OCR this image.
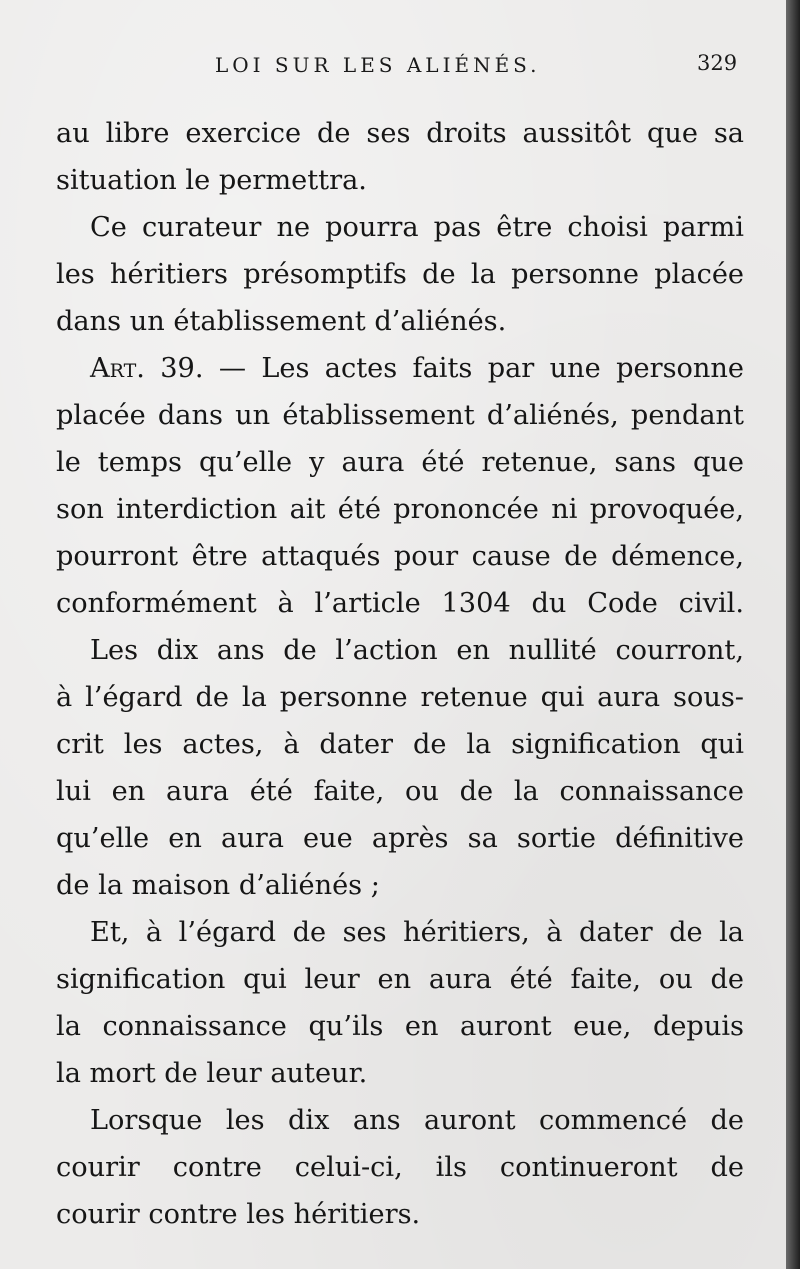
LOI SUR LES ALIÉNÉS.	329
au libre exercice de ses droits aussitôt que sa
situation le permettra.
Ce curateur ne pourra pas être choisi parmi
les héritiers présomptifs de la personne placée
dans un établissement d’aliénés.
Art. 39. — Les actes faits par une personne
placée dans un établissement d’aliénés, pendant
le temps qu’elle y aura été retenue, sans que
son interdiction ait été prononcée ni provoquée,
pourront être attaqués pour cause de démence,
conformément à l’article 1304 du Code civil.
Les dix ans de l’action en nullité courront,
à l’égard de la personne retenue qui aura sous-
crit les actes, à dater de la signification qui
lui en aura été faite, ou de la connaissance
qu’elle en aura eue après sa sortie définitive
de la maison d’aliénés ;
Et, à l’égard de ses héritiers, à dater de la
signification qui leur en aura été faite, ou de
la connaissance qu’ils en auront eue, depuis
la mort de leur auteur.
Lorsque les dix ans auront commencé de
courir contre celui-ci, ils continueront de
courir contre les héritiers.
